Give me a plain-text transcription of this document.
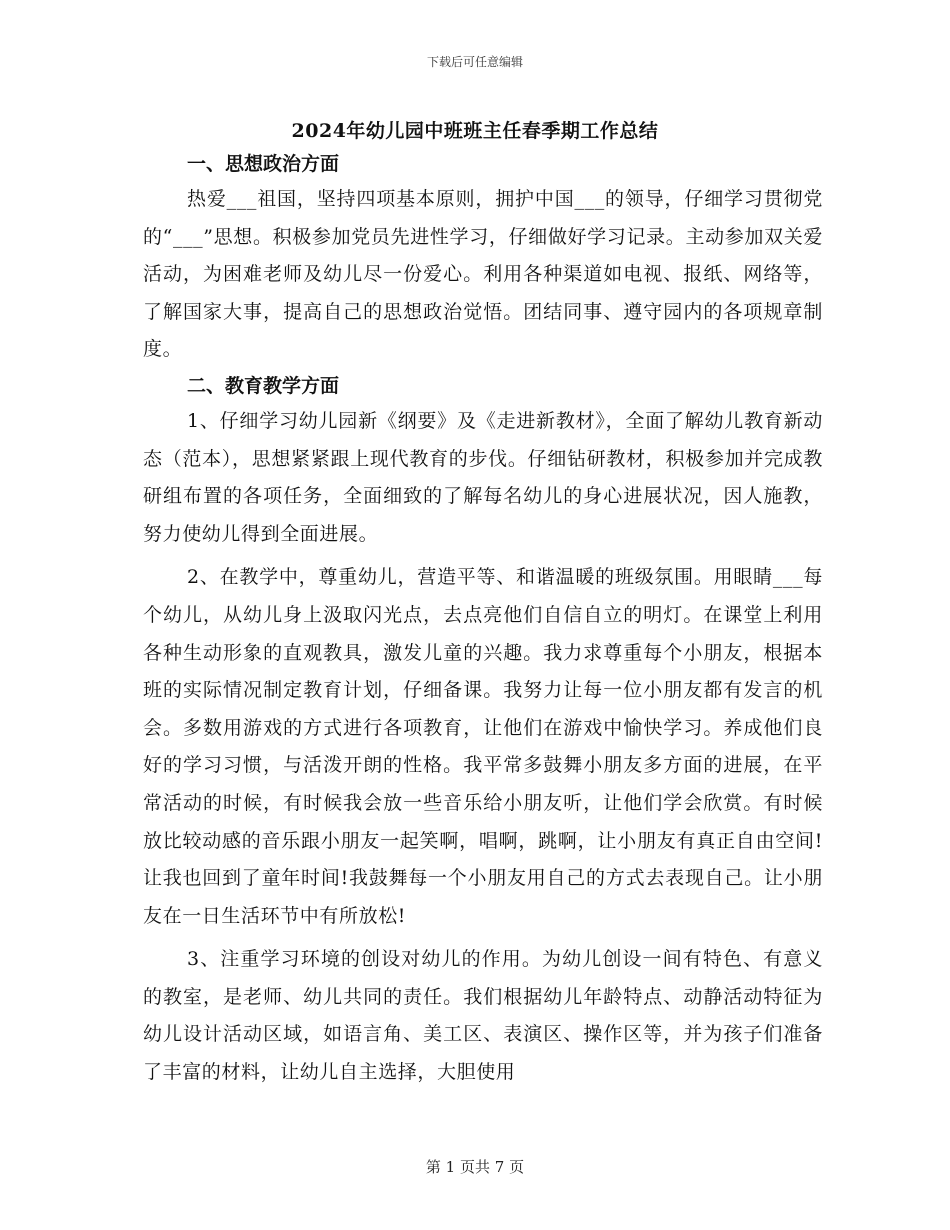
下载后可任意编辑
2024年幼儿园中班班主任春季期工作总结
一、思想政治方面

热爱___祖国，坚持四项基本原则，拥护中国___的领导，仔细学习贯彻党的“___”思想。积极参加党员先进性学习，仔细做好学习记录。主动参加双关爱活动，为困难老师及幼儿尽一份爱心。利用各种渠道如电视、报纸、网络等，了解国家大事，提高自己的思想政治觉悟。团结同事、遵守园内的各项规章制度。

二、教育教学方面

1、仔细学习幼儿园新《纲要》及《走进新教材》，全面了解幼儿教育新动态（范本），思想紧紧跟上现代教育的步伐。仔细钻研教材，积极参加并完成教研组布置的各项任务，全面细致的了解每名幼儿的身心进展状况，因人施教，努力使幼儿得到全面进展。

2、在教学中，尊重幼儿，营造平等、和谐温暖的班级氛围。用眼睛___每个幼儿，从幼儿身上汲取闪光点，去点亮他们自信自立的明灯。在课堂上利用各种生动形象的直观教具，激发儿童的兴趣。我力求尊重每个小朋友，根据本班的实际情况制定教育计划，仔细备课。我努力让每一位小朋友都有发言的机会。多数用游戏的方式进行各项教育，让他们在游戏中愉快学习。养成他们良好的学习习惯，与活泼开朗的性格。我平常多鼓舞小朋友多方面的进展，在平常活动的时候，有时候我会放一些音乐给小朋友听，让他们学会欣赏。有时候放比较动感的音乐跟小朋友一起笑啊，唱啊，跳啊，让小朋友有真正自由空间!让我也回到了童年时间!我鼓舞每一个小朋友用自己的方式去表现自己。让小朋友在一日生活环节中有所放松!

3、注重学习环境的创设对幼儿的作用。为幼儿创设一间有特色、有意义的教室，是老师、幼儿共同的责任。我们根据幼儿年龄特点、动静活动特征为幼儿设计活动区域，如语言角、美工区、表演区、操作区等，并为孩子们准备了丰富的材料，让幼儿自主选择，大胆使用

第 1 页共 7 页
